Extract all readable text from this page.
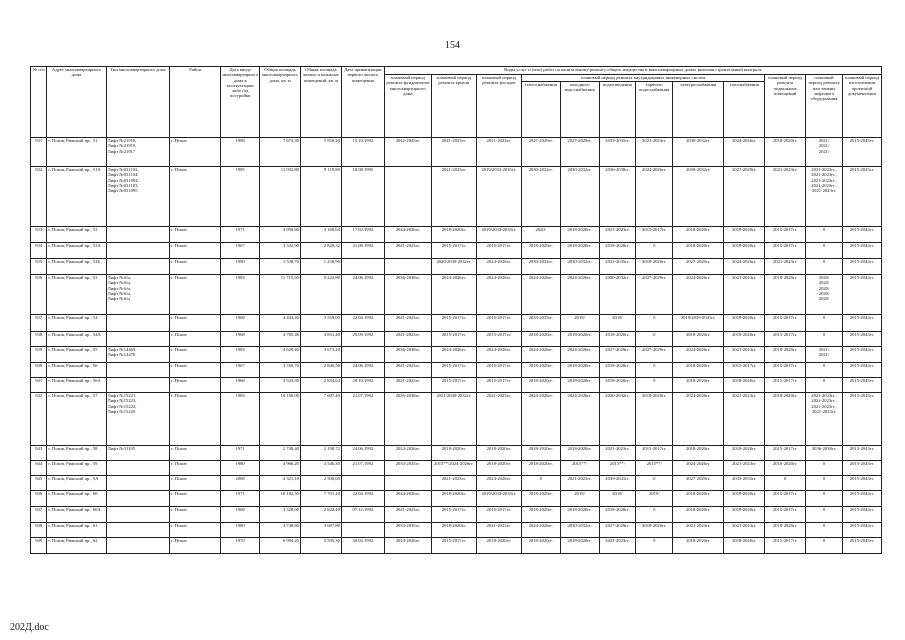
154
№ п/п	Адрес многоквартирного дома	Тип многоквартирного дома	Район	Дата ввода многоквартирного дома в эксплуатацию либо год постройки	Общая площадь многоквартирного дома, кв. м	Общая площадь жилых и нежилых помещений, кв. м	Дата приватизации первого жилого помещения	Виды услуг и (или) работ по капитальному ремонту общего имущества в многоквартирных домах включая строительный контроль											
								плановый период ремонта фундаментов многоквартирного дома	плановый период ремонта крыши	плановый период ремонта фасадов	плановый период ремонта внутридомовых инженерных систем						плановый период ремонта подвальных помещений	плановый период ремонта или замены лифтового оборудования	плановый период изготовления проектной документации
											теплоснабжения	холодного водоснабжения	водоотведения	горячего водоснабжения	электроснабжения	газоснабжения			
931	г. Псков, Рижский пр., 51	Лифт №21918,
Лифт №21919,
Лифт №21917	г. Псков	1988	7 673,30	5 856,20	13.10.1992	2042-2043гг.	2021-2023гг.	2021-2023гг.	2027-2029гг.	2027-2029гг.	2033-2035гг.	2021-2023гг.	2030-2032гг.	2024-2026гг.	2018-2020гг.	2021/
2021/
2021/	2015-2043гг.
932	г. Псков, Рижский пр., 51А	Лифт №031102,
Лифт №031104,
Лифт №031094,
Лифт №031103,
Лифт №031095	г. Псков	1995	11 032,80	9 119,80	18.08.1995		2021-2023гг.	2019/2033-2035гг.	2030-2032гг.	2030-2032гг.	2036-2038гг.	2024-2026гг.	2030-2032гг.	2027-2029гг.	2021-2023гг.	2021-2023гг.,
2021-2023гг.,
2021-2023гг.,
2021-2023гг.,
2021-2023гг.	2015-2043гг.
933	г. Псков, Рижский пр., 52		г. Псков	1971	3 950,80	3 160,64	17.02.1992	2024-2026гг.	2018-2020гг.	2019/2033-2035гг.	2020/	2018-2020гг.	2021-2023гг.	2015-2017гг.	2018-2020гг.	2018-2020гг.	2015-2017гг.	0	2015-2043гг.
934	г. Псков, Рижский пр., 52А		г. Псков	1967	3 532,90	2 828,32	31.08.1992	2021-2023гг.	2015-2017гг.	2015-2017гг.	2018-2020гг.	2018-2020гг.	2018-2020гг.	0	2018-2020гг.	2018-2020гг.	2015-2017гг.	0	2015-2043гг.
935	г. Псков, Рижский пр., 52Б		г. Псков	1990	1 538,70	1 230,96			2020/2030-2032гг.	2024-2026гг.	2030-2032гг.	2030-2032гг.	2033-2035гг.	2018-2020гг.	2027-2029гг.	2024-2026гг.	2021-2023гг.	0	2015-2043гг.
936	г. Псков, Рижский пр., 53	Лифт №б/н,
Лифт №б/н,
Лифт №б/н,
Лифт №б/н,
Лифт №б/н	г. Псков	1983	11 715,50	9 223,80	24.06.1992	2036-2038гг.	2024-2026гг.	2024-2026гг.	2024-2026гг.	2024-2026гг.	2030-2032гг.	2027-2029гг.	2024-2026гг.	2021-2023гг.	2018-2020гг.	2020/
2020/
2020/
2020/
2020/	2015-2043гг.
937	г. Псков, Рижский пр., 54		г. Псков	1968	4 443,40	3 559,00	22.04.1992	2021-2023гг.	2015-2017гг.	2015-2017гг.	2033-2035гг.	2019/	2019/	0	2019/2039-2041гг.	2018-2020гг.	2015-2017гг.	0	2015-2043гг.
938	г. Псков, Рижский пр., 54А		г. Псков	1968	4 785,46	3 831,40	29.09.1992	2021-2023гг.	2015-2017гг.	2015-2017гг.	2018-2020гг.	2018-2020гг.	2018-2020гг.	0	2018-2020гг.	2018-2020гг.	2015-2017гг.	0	2015-2043гг.
939	г. Псков, Рижский пр., 55	Лифт №14469,
Лифт №14470	г. Псков	1983	4 628,40	3 673,20		2036-2038гг.	2024-2026гг.	2024-2026гг.	2024-2026гг.	2024-2026гг.	2027-2029гг.	2027-2029гг.	2024-2026гг.	2021-2023гг.	2018-2020гг.	2021/
2021/	2015-2043гг.
940	г. Псков, Рижский пр., 56		г. Псков	1967	3 550,70	2 840,56	24.06.1992	2021-2023гг.	2015-2017гг.	2015-2017гг.	2018-2020гг.	2018-2020гг.	2018-2020гг.	0	2018-2020гг.	2015-2017гг.	2015-2017гг.	0	2015-2043гг.
941	г. Псков, Рижский пр., 56А		г. Псков	1968	3 543,30	2 834,64	28.10.1992	2021-2023гг.	2015-2017гг.	2015-2017гг.	2018-2020гг.	2018-2020гг.	2018-2020гг.	0	2018-2020гг.	2018-2020гг.	2015-2017гг.	0	2015-2043гг.
942	г. Псков, Рижский пр., 57	Лифт №15221,
Лифт №15223,
Лифт №15222,
Лифт №15220	г. Псков	1983	10 196,00	7 607,40	21.07.1992	2036-2038гг.	2021/2030-2032гг.	2021-2023гг.	2024-2026гг.	2024-2026гг.	2030-2032гг.	2018-2020гг.	2024-2026гг.	2021-2023гг.	2018-2020гг.	2021-2023гг.,
2021-2023гг.,
2021-2023гг.,
2021-2023гг.	2015-2043гг.
943	г. Псков, Рижский пр., 58	Лифт №31105	г. Псков	1971	2 748,40	2 198,72	24.06.1992	2024-2026гг.	2018-2020гг.	2018-2020гг.	2018-2020гг.	2018-2020гг.	2021-2023гг.	2015-2017гг.	2018-2020гг.	2018-2020гг.	2015-2017гг.	2036-2038гг.	2015-2043гг.
944	г. Псков, Рижский пр., 59		г. Псков	1980	4 966,20	4 546,30	21.07.1992	2033-2035гг.	2015**/2024-2026гг.	2018-2020гг.	2018-2020гг.	2015**/	2015**/	2015**/	2024-2026гг.	2021-2023гг.	2018-2020гг.	0	2015-2043гг.
945	г. Псков, Рижский пр., 5А		г. Псков	2008	4 321,10	2 500,60			2021-2023гг.	2024-2026гг.	0	2021-2023гг.	2039-2041гг.	0	2027-2029гг.	2033-2035гг.	0	0	2015-2043гг.
946	г. Псков, Рижский пр., 60		г. Псков	1971	10 182,50	7 701,20	22.04.1992	2024-2026гг.	2018-2020гг.	2019/2033-2035гг.	2018-2020гг.	2019/	2019/	2019/	2018-2020гг.	2018-2020гг.	2015-2017гг.	0	2015-2043гг.
947	г. Псков, Рижский пр., 60А		г. Псков	1968	3 528,00	2 822,40	07.12.1992	2021-2023гг.	2015-2017гг.	2015-2017гг.	2018-2020гг.	2018-2020гг.	2018-2020гг.	0	2018-2020гг.	2018-2020гг.	2015-2017гг.	0	2015-2043гг.
948	г. Псков, Рижский пр., 61		г. Псков	1980	4 748,80	3 697,80		2033-2035гг.	2018-2020гг.	2021-2023гг.	2024-2026гг.	2030-2032гг.	2027-2029гг.	2018-2020гг.	2021-2023гг.	2021-2023гг.	2018-2020гг.	0	2015-2043гг.
949	г. Псков, Рижский пр., 62		г. Псков	1970	6 994,20	5 595,36	30.03.1992	2024-2026гг.	2015-2017гг.	2018-2020гг.	2018-2020гг.	2018-2020гг.	2021-2023гг.	0	2018-2020гг.	2018-2020гг.	2015-2017гг.	0	2015-2043гг.
202Д.doc
